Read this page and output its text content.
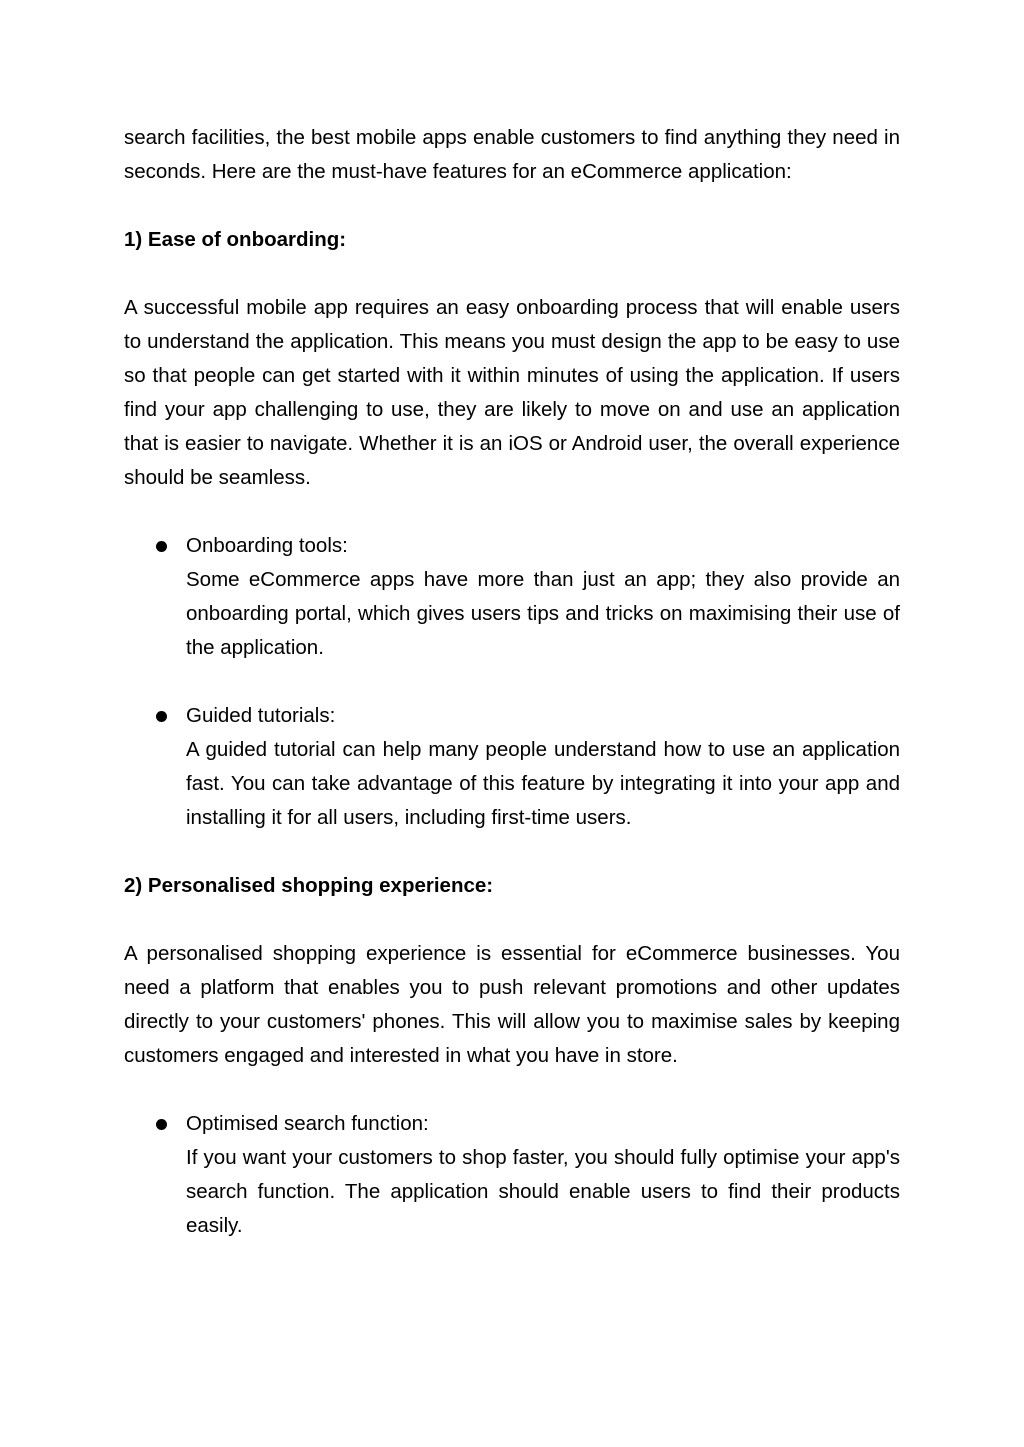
search facilities, the best mobile apps enable customers to find anything they need in seconds. Here are the must-have features for an eCommerce application:

1) Ease of onboarding:

A successful mobile app requires an easy onboarding process that will enable users to understand the application. This means you must design the app to be easy to use so that people can get started with it within minutes of using the application. If users find your app challenging to use, they are likely to move on and use an application that is easier to navigate. Whether it is an iOS or Android user, the overall experience should be seamless.

Onboarding tools:
Some eCommerce apps have more than just an app; they also provide an onboarding portal, which gives users tips and tricks on maximising their use of the application.
Guided tutorials:
A guided tutorial can help many people understand how to use an application fast. You can take advantage of this feature by integrating it into your app and installing it for all users, including first-time users.
2) Personalised shopping experience:

A personalised shopping experience is essential for eCommerce businesses. You need a platform that enables you to push relevant promotions and other updates directly to your customers' phones. This will allow you to maximise sales by keeping customers engaged and interested in what you have in store.

Optimised search function:
If you want your customers to shop faster, you should fully optimise your app's search function. The application should enable users to find their products easily.
